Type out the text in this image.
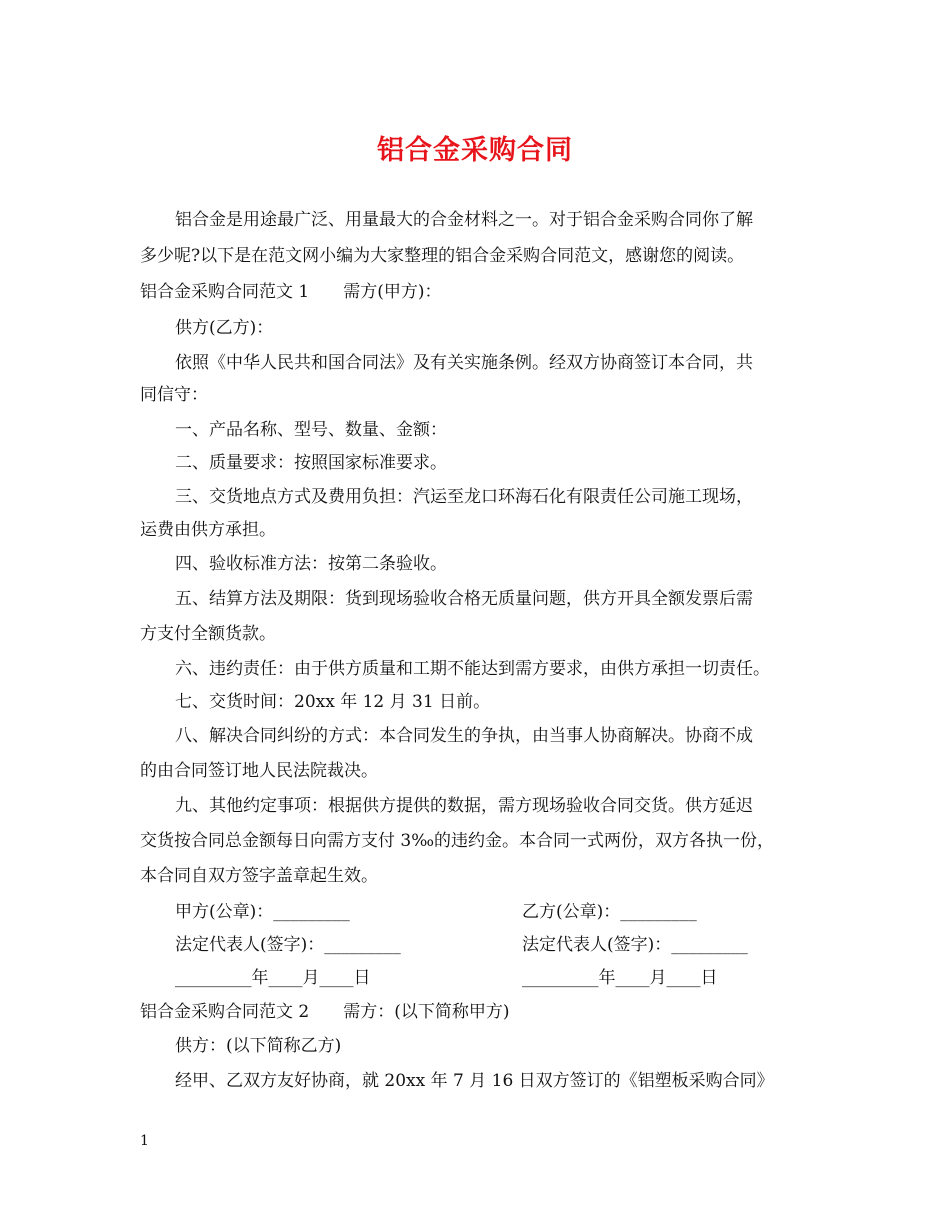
铝合金采购合同
铝合金是用途最广泛、用量最大的合金材料之一。对于铝合金采购合同你了解
多少呢?以下是在范文网小编为大家整理的铝合金采购合同范文，感谢您的阅读。
铝合金采购合同范文 1 需方(甲方)：
供方(乙方)：
依照《中华人民共和国合同法》及有关实施条例。经双方协商签订本合同，共
同信守：
一、产品名称、型号、数量、金额：
二、质量要求：按照国家标准要求。
三、交货地点方式及费用负担：汽运至龙口环海石化有限责任公司施工现场，
运费由供方承担。
四、验收标准方法：按第二条验收。
五、结算方法及期限：货到现场验收合格无质量问题，供方开具全额发票后需
方支付全额货款。
六、违约责任：由于供方质量和工期不能达到需方要求，由供方承担一切责任。
七、交货时间：20xx 年 12 月 31 日前。
八、解决合同纠纷的方式：本合同发生的争执，由当事人协商解决。协商不成
的由合同签订地人民法院裁决。
九、其他约定事项：根据供方提供的数据，需方现场验收合同交货。供方延迟
交货按合同总金额每日向需方支付 3‰的违约金。本合同一式两份，双方各执一份，
本合同自双方签字盖章起生效。
甲方(公章)：_________	乙方(公章)：_________
法定代表人(签字)：_________	法定代表人(签字)：_________
_________年____月____日	_________年____月____日
铝合金采购合同范文 2 需方：(以下简称甲方)
供方：(以下简称乙方)
经甲、乙双方友好协商，就 20xx 年 7 月 16 日双方签订的《铝塑板采购合同》
1
